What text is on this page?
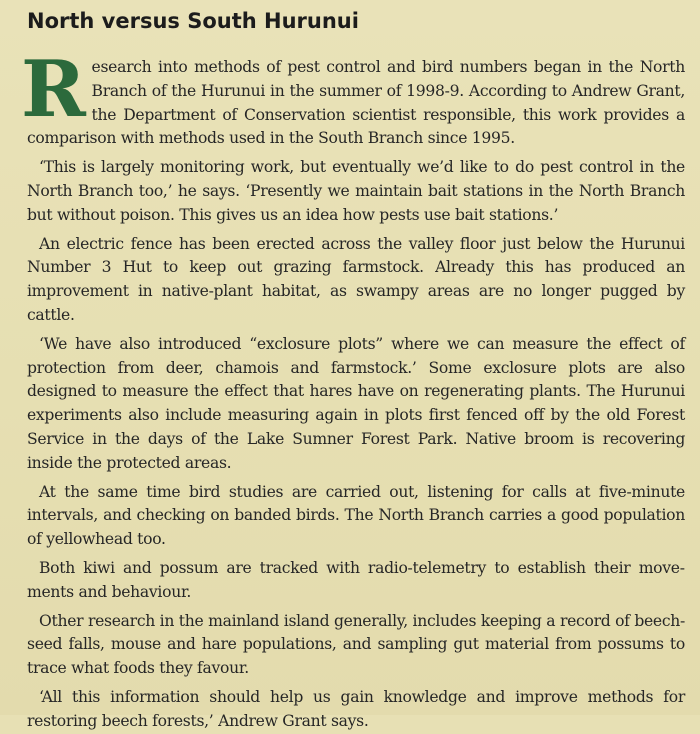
North versus South Hurunui

Research into methods of pest control and bird numbers began in the North Branch of the Hurunui in the summer of 1998-9. According to Andrew Grant, the Department of Conservation scientist responsible, this work provides a comparison with methods used in the South Branch since 1995.

‘This is largely monitoring work, but eventually we’d like to do pest control in the North Branch too,’ he says. ‘Presently we maintain bait stations in the North Branch but without poison. This gives us an idea how pests use bait stations.’

An electric fence has been erected across the valley floor just below the Hurunui Number 3 Hut to keep out grazing farmstock. Already this has produced an improvement in native-plant habitat, as swampy areas are no longer pugged by cattle.

‘We have also introduced “exclosure plots” where we can measure the effect of protection from deer, chamois and farmstock.’ Some exclosure plots are also designed to measure the effect that hares have on regenerating plants. The Hurunui experiments also include measuring again in plots first fenced off by the old Forest Service in the days of the Lake Sumner Forest Park. Native broom is recovering inside the protected areas.

At the same time bird studies are carried out, listening for calls at five-minute intervals, and checking on banded birds. The North Branch carries a good population of yellowhead too.

Both kiwi and possum are tracked with radio-telemetry to establish their movements and behaviour.

Other research in the mainland island generally, includes keeping a record of beech-seed falls, mouse and hare populations, and sampling gut material from possums to trace what foods they favour.

‘All this information should help us gain knowledge and improve methods for restoring beech forests,’ Andrew Grant says.
